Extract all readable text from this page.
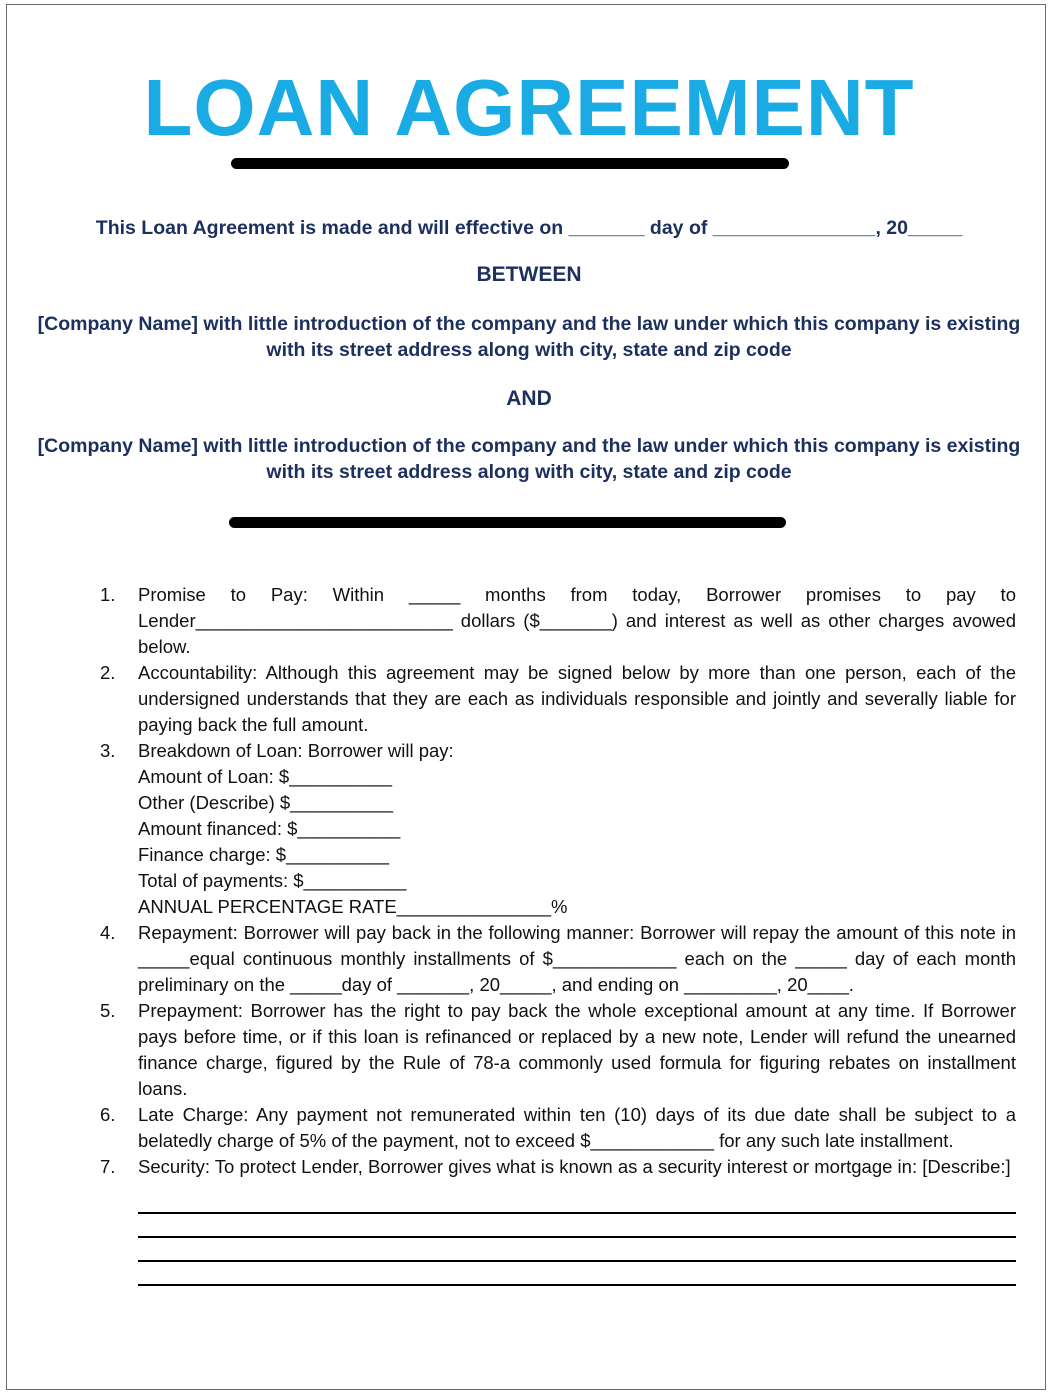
LOAN AGREEMENT
This Loan Agreement is made and will effective on _______ day of _______________, 20_____
BETWEEN
[Company Name] with little introduction of the company and the law under which this company is existing with its street address along with city, state and zip code
AND
[Company Name] with little introduction of the company and the law under which this company is existing with its street address along with city, state and zip code
1.	Promise to Pay: Within _____ months from today, Borrower promises to pay to Lender_________________________ dollars ($_______) and interest as well as other charges avowed below.
2.	Accountability: Although this agreement may be signed below by more than one person, each of the undersigned understands that they are each as individuals responsible and jointly and severally liable for paying back the full amount.
3.	Breakdown of Loan: Borrower will pay:
Amount of Loan: $__________
Other (Describe) $__________
Amount financed: $__________
Finance charge: $__________
Total of payments: $__________
ANNUAL PERCENTAGE RATE_______________%
4.	Repayment: Borrower will pay back in the following manner: Borrower will repay the amount of this note in _____equal continuous monthly installments of $____________ each on the _____ day of each month preliminary on the _____day of _______, 20_____, and ending on _________, 20____.
5.	Prepayment: Borrower has the right to pay back the whole exceptional amount at any time. If Borrower pays before time, or if this loan is refinanced or replaced by a new note, Lender will refund the unearned finance charge, figured by the Rule of 78-a commonly used formula for figuring rebates on installment loans.
6.	Late Charge: Any payment not remunerated within ten (10) days of its due date shall be subject to a belatedly charge of 5% of the payment, not to exceed $____________ for any such late installment.
7.	Security: To protect Lender, Borrower gives what is known as a security interest or mortgage in: [Describe:]
